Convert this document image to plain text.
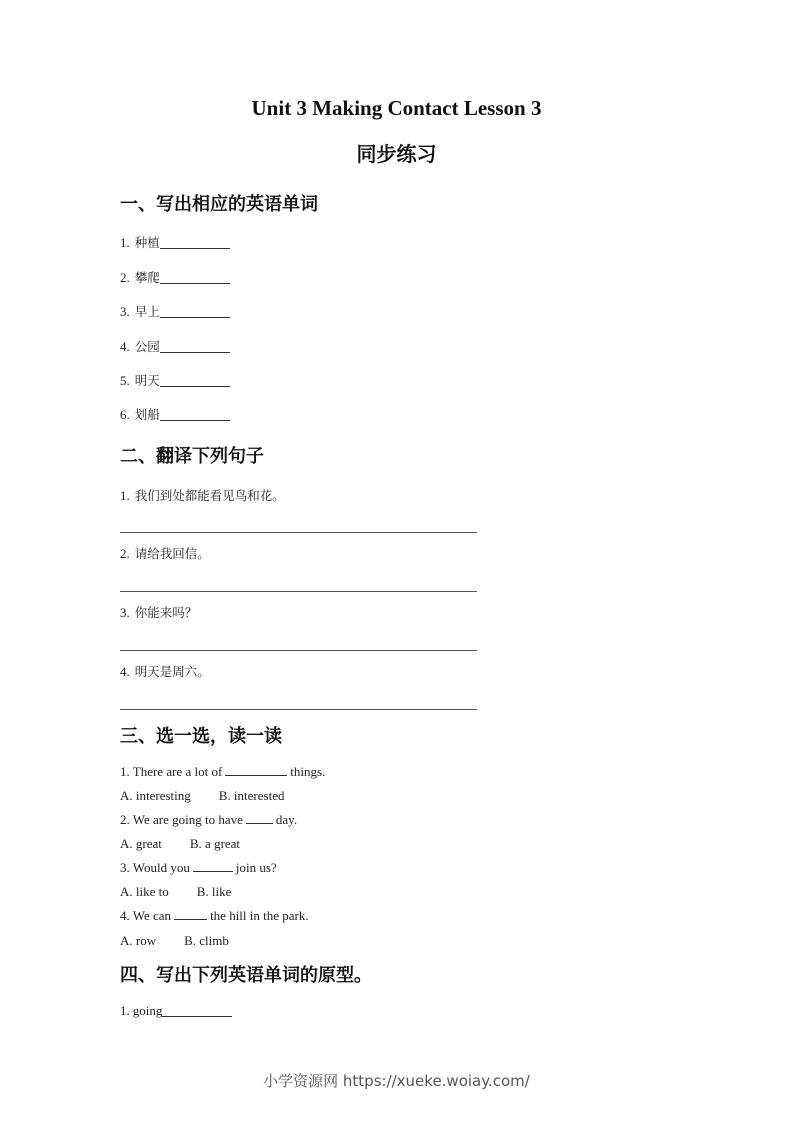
Unit 3 Making Contact Lesson 3
同步练习
一、写出相应的英语单词
1. 种植
2. 攀爬
3. 早上
4. 公园
5. 明天
6. 划船
二、翻译下列句子
1. 我们到处都能看见鸟和花。
2. 请给我回信。
3. 你能来吗？
4. 明天是周六。
三、选一选，读一读
1. There are a lot of	things.
A. interesting B. interested
2. We are going to have	day.
A. great B. a great
3. Would you	join us?
A. like to B. like
4. We can	the hill in the park.
A. row B. climb
四、写出下列英语单词的原型。
1. going
小学资源网 https://xueke.woiay.com/
